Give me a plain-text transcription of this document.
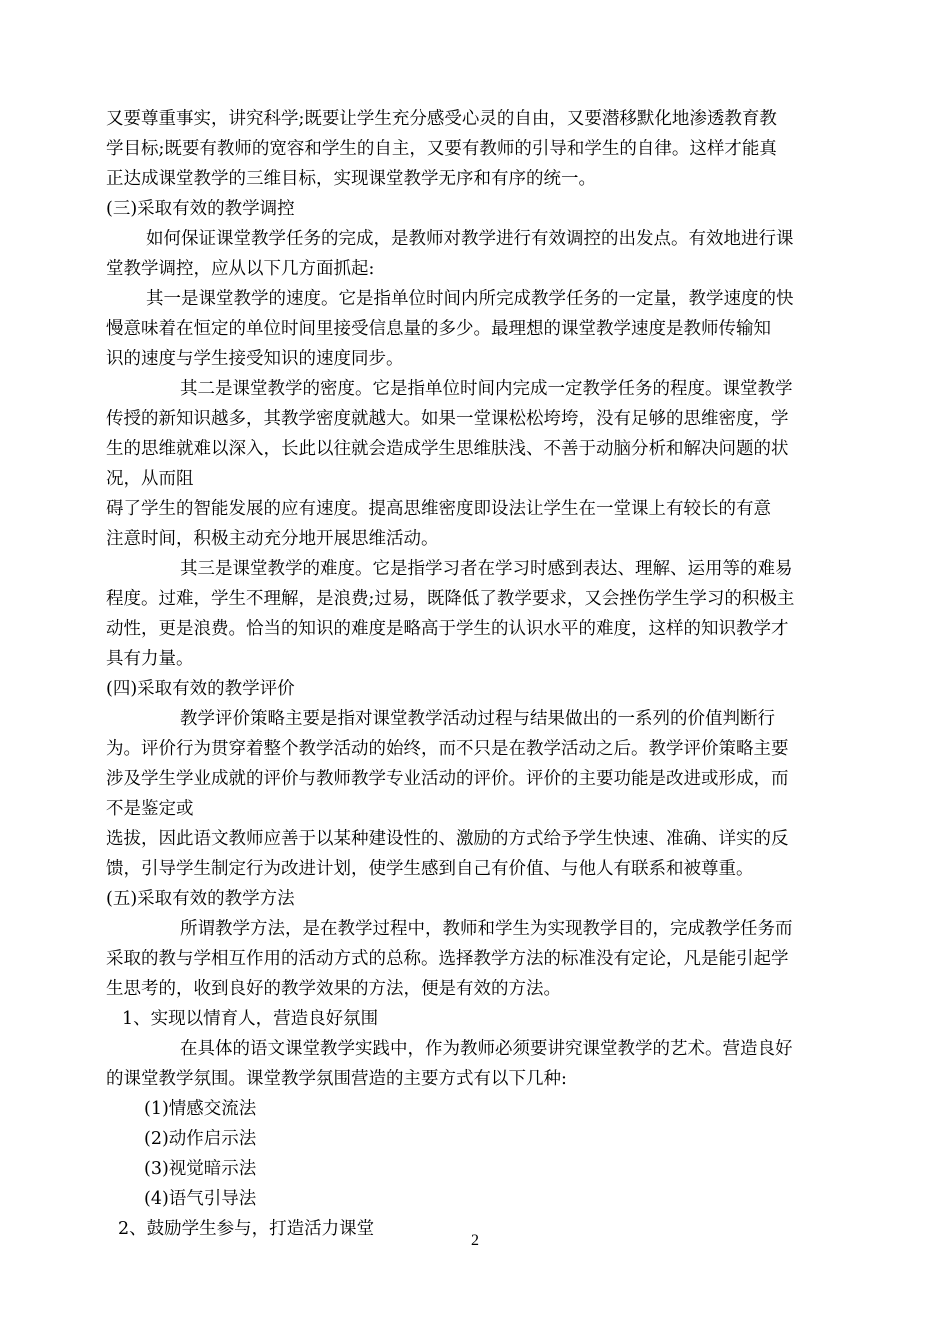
又要尊重事实，讲究科学;既要让学生充分感受心灵的自由，又要潜移默化地渗透教育教
学目标;既要有教师的宽容和学生的自主，又要有教师的引导和学生的自律。这样才能真
正达成课堂教学的三维目标，实现课堂教学无序和有序的统一。
(三)采取有效的教学调控
如何保证课堂教学任务的完成，是教师对教学进行有效调控的出发点。有效地进行课
堂教学调控，应从以下几方面抓起:
其一是课堂教学的速度。它是指单位时间内所完成教学任务的一定量，教学速度的快
慢意味着在恒定的单位时间里接受信息量的多少。最理想的课堂教学速度是教师传输知
识的速度与学生接受知识的速度同步。
其二是课堂教学的密度。它是指单位时间内完成一定教学任务的程度。课堂教学
传授的新知识越多，其教学密度就越大。如果一堂课松松垮垮，没有足够的思维密度，学
生的思维就难以深入，长此以往就会造成学生思维肤浅、不善于动脑分析和解决问题的状
况，从而阻
碍了学生的智能发展的应有速度。提高思维密度即设法让学生在一堂课上有较长的有意
注意时间，积极主动充分地开展思维活动。
其三是课堂教学的难度。它是指学习者在学习时感到表达、理解、运用等的难易
程度。过难，学生不理解，是浪费;过易，既降低了教学要求，又会挫伤学生学习的积极主
动性，更是浪费。恰当的知识的难度是略高于学生的认识水平的难度，这样的知识教学才
具有力量。
(四)采取有效的教学评价
教学评价策略主要是指对课堂教学活动过程与结果做出的一系列的价值判断行
为。评价行为贯穿着整个教学活动的始终，而不只是在教学活动之后。教学评价策略主要
涉及学生学业成就的评价与教师教学专业活动的评价。评价的主要功能是改进或形成，而
不是鉴定或
选拔，因此语文教师应善于以某种建设性的、激励的方式给予学生快速、准确、详实的反
馈，引导学生制定行为改进计划，使学生感到自己有价值、与他人有联系和被尊重。
(五)采取有效的教学方法
所谓教学方法，是在教学过程中，教师和学生为实现教学目的，完成教学任务而
采取的教与学相互作用的活动方式的总称。选择教学方法的标准没有定论，凡是能引起学
生思考的，收到良好的教学效果的方法，便是有效的方法。
1、实现以情育人，营造良好氛围
在具体的语文课堂教学实践中，作为教师必须要讲究课堂教学的艺术。营造良好
的课堂教学氛围。课堂教学氛围营造的主要方式有以下几种:
(1)情感交流法
(2)动作启示法
(3)视觉暗示法
(4)语气引导法
2、鼓励学生参与，打造活力课堂
2
